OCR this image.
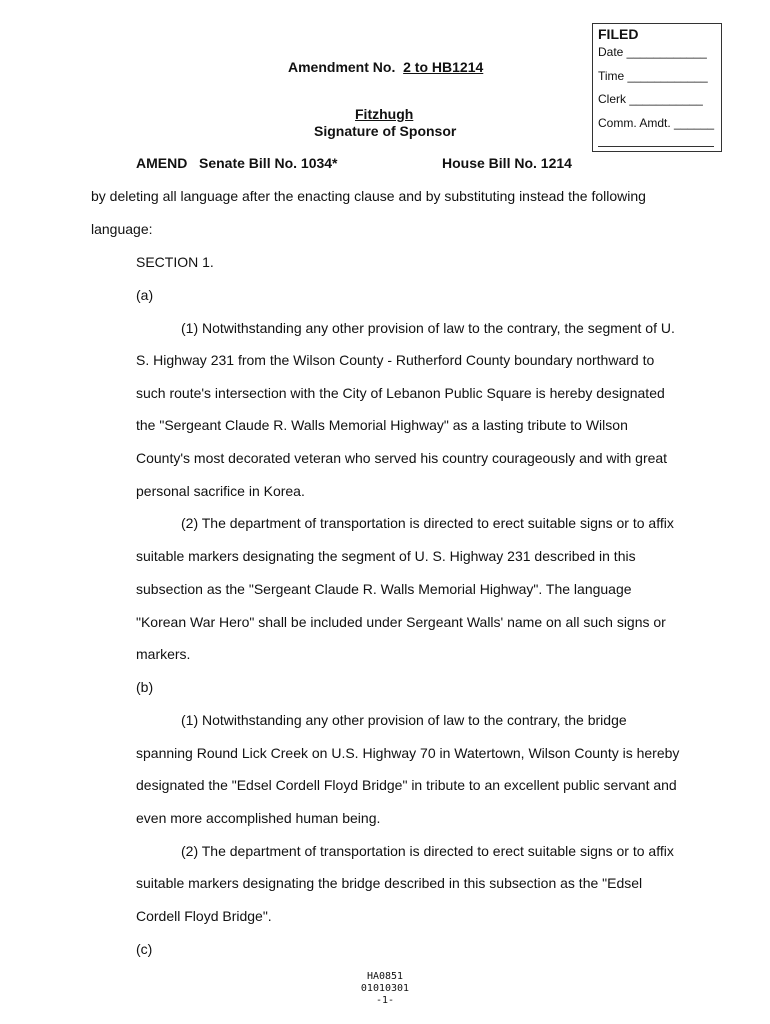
FILED
Date ____________
Time ____________
Clerk ___________
Comm. Amdt. ______
Amendment No. 2 to HB1214
Fitzhugh
Signature of Sponsor
AMEND Senate Bill No. 1034*	House Bill No. 1214
by deleting all language after the enacting clause and by substituting instead the following
language:
SECTION 1.
(a)
(1) Notwithstanding any other provision of law to the contrary, the segment of U.
S. Highway 231 from the Wilson County - Rutherford County boundary northward to
such route's intersection with the City of Lebanon Public Square is hereby designated
the "Sergeant Claude R. Walls Memorial Highway" as a lasting tribute to Wilson
County's most decorated veteran who served his country courageously and with great
personal sacrifice in Korea.
(2) The department of transportation is directed to erect suitable signs or to affix
suitable markers designating the segment of U. S. Highway 231 described in this
subsection as the "Sergeant Claude R. Walls Memorial Highway". The language
"Korean War Hero" shall be included under Sergeant Walls' name on all such signs or
markers.
(b)
(1) Notwithstanding any other provision of law to the contrary, the bridge
spanning Round Lick Creek on U.S. Highway 70 in Watertown, Wilson County is hereby
designated the "Edsel Cordell Floyd Bridge" in tribute to an excellent public servant and
even more accomplished human being.
(2) The department of transportation is directed to erect suitable signs or to affix
suitable markers designating the bridge described in this subsection as the "Edsel
Cordell Floyd Bridge".
(c)
HA0851
01010301
-1-
